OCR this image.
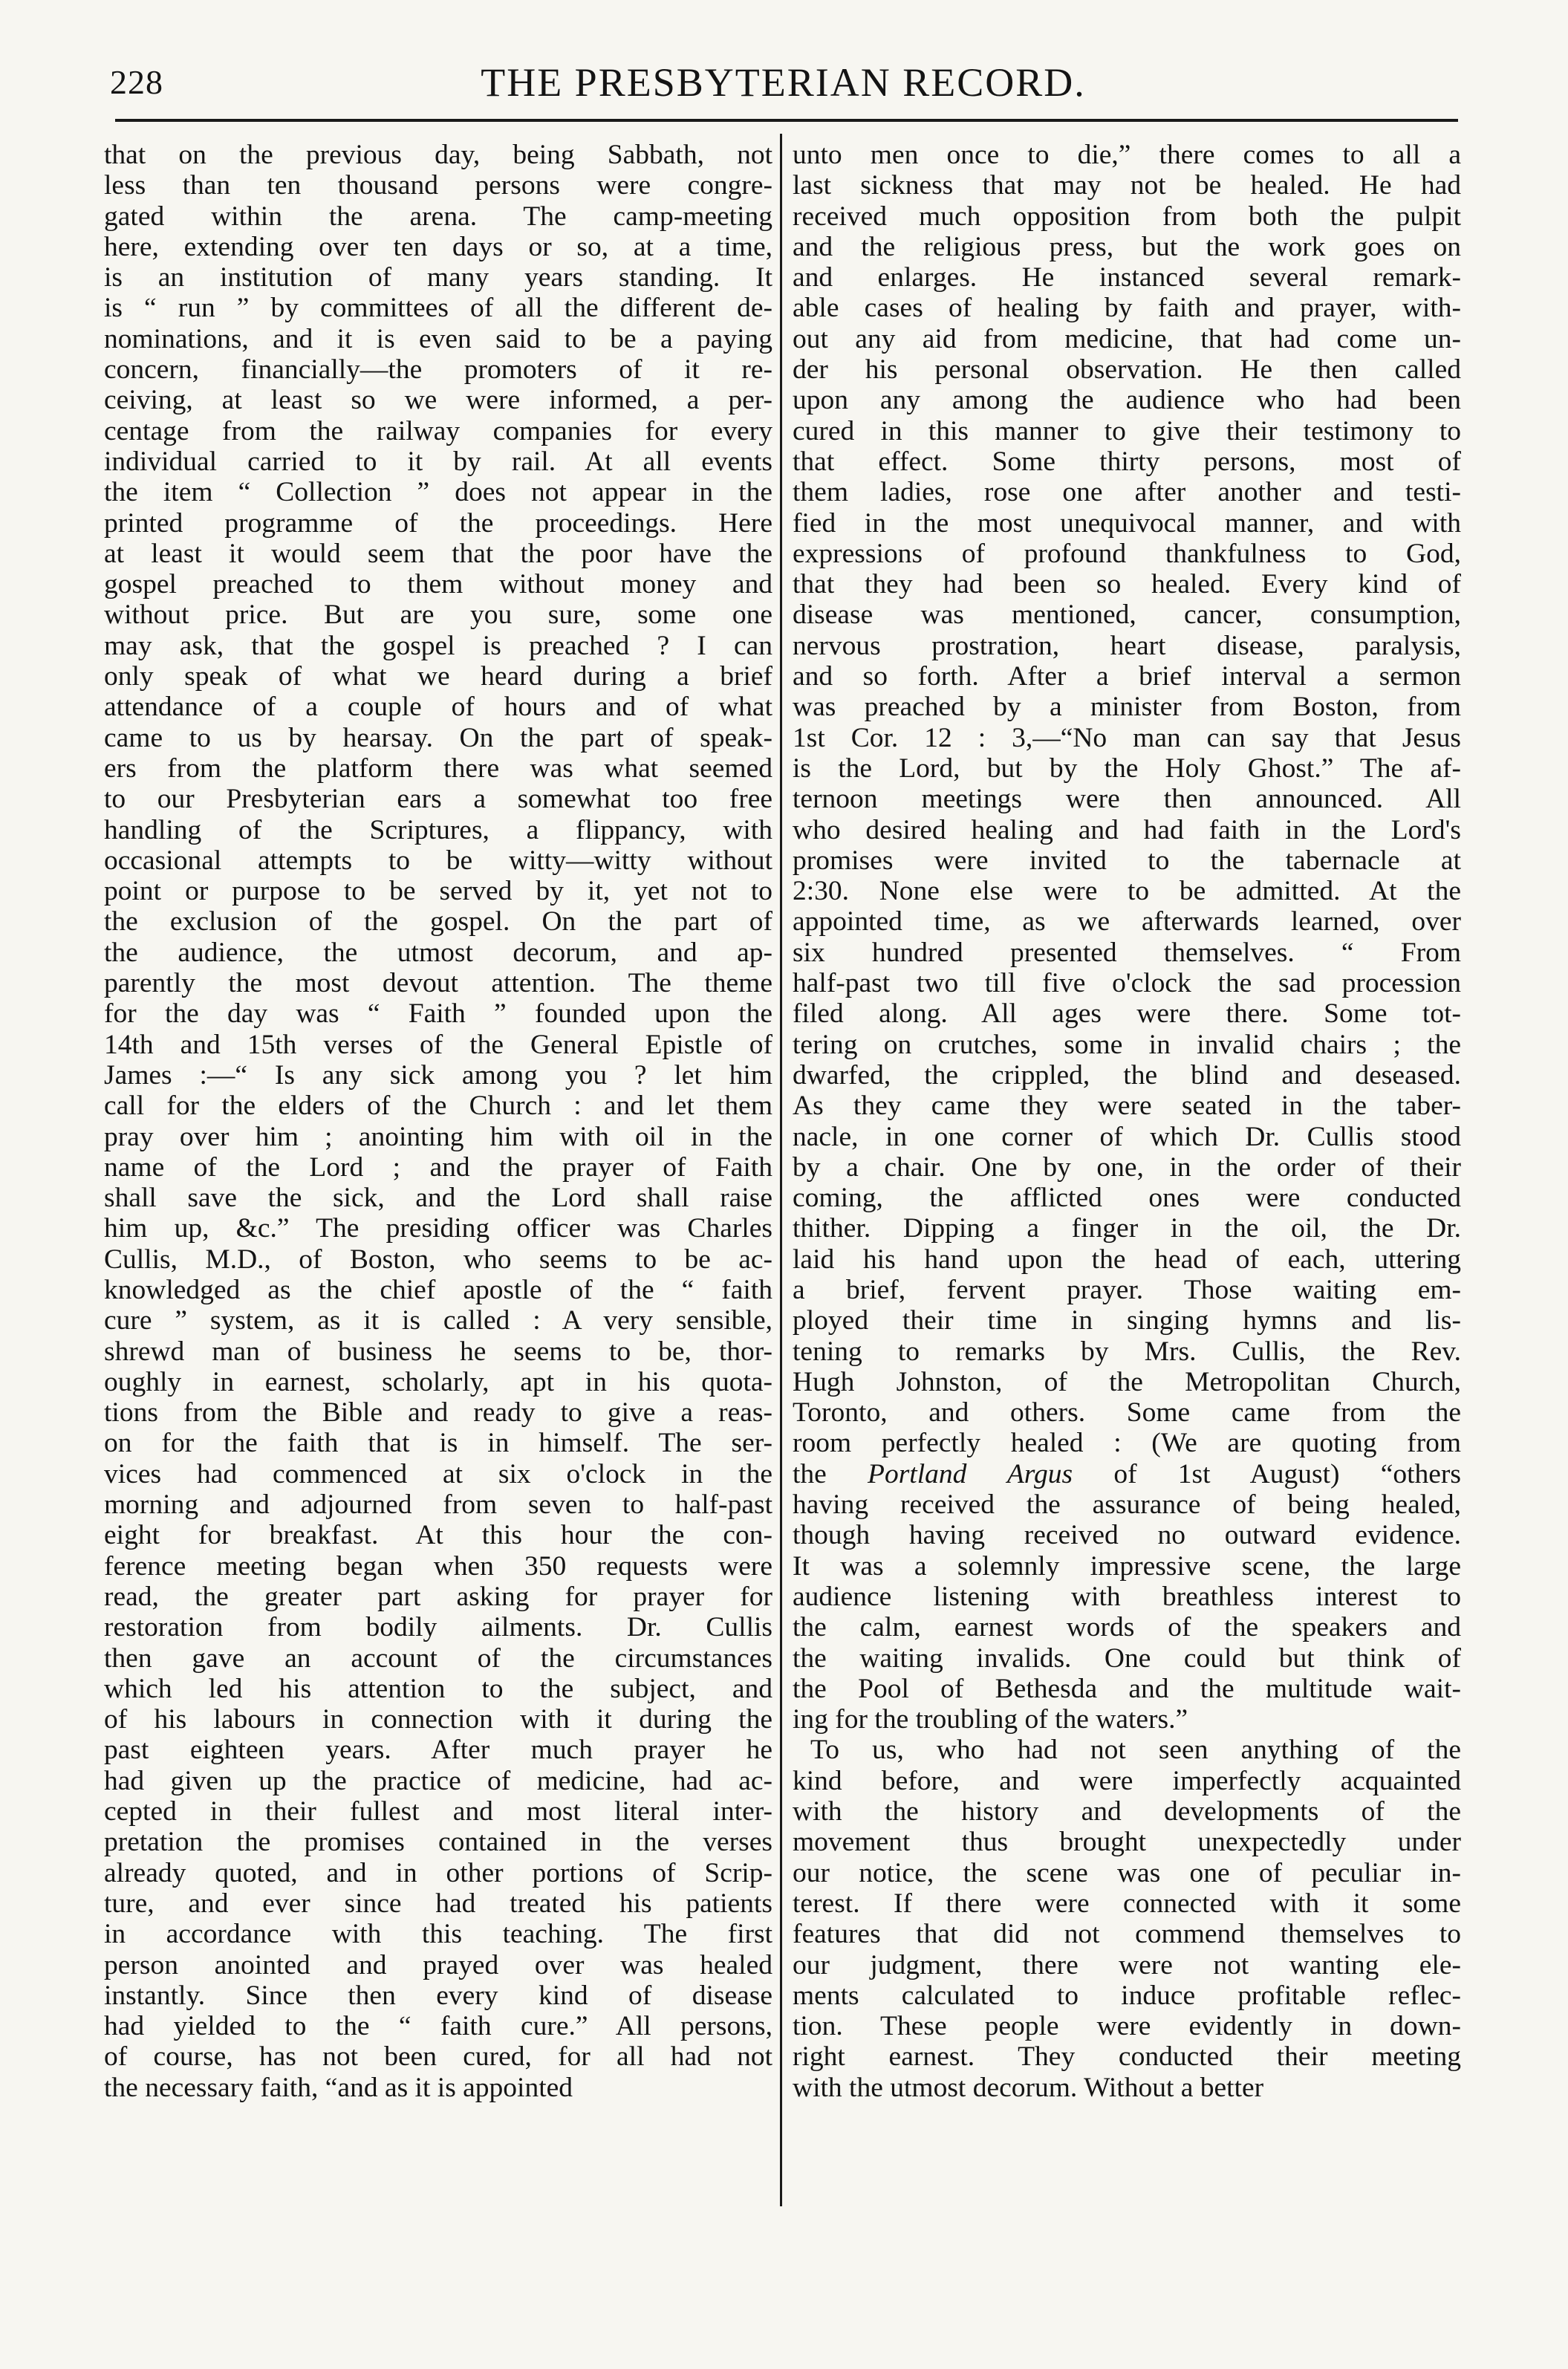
228	THE PRESBYTERIAN RECORD.
that on the previous day, being Sabbath, not
less than ten thousand persons were congre-
gated within the arena. The camp-meeting
here, extending over ten days or so, at a time,
is an institution of many years standing. It
is “ run ” by committees of all the different de-
nominations, and it is even said to be a paying
concern, financially—the promoters of it re-
ceiving, at least so we were informed, a per-
centage from the railway companies for every
individual carried to it by rail. At all events
the item “ Collection ” does not appear in the
printed programme of the proceedings. Here
at least it would seem that the poor have the
gospel preached to them without money and
without price. But are you sure, some one
may ask, that the gospel is preached ? I can
only speak of what we heard during a brief
attendance of a couple of hours and of what
came to us by hearsay. On the part of speak-
ers from the platform there was what seemed
to our Presbyterian ears a somewhat too free
handling of the Scriptures, a flippancy, with
occasional attempts to be witty—witty without
point or purpose to be served by it, yet not to
the exclusion of the gospel. On the part of
the audience, the utmost decorum, and ap-
parently the most devout attention. The theme
for the day was “ Faith ” founded upon the
14th and 15th verses of the General Epistle of
James :—“ Is any sick among you ? let him
call for the elders of the Church : and let them
pray over him ; anointing him with oil in the
name of the Lord ; and the prayer of Faith
shall save the sick, and the Lord shall raise
him up, &c.” The presiding officer was Charles
Cullis, M.D., of Boston, who seems to be ac-
knowledged as the chief apostle of the “ faith
cure ” system, as it is called : A very sensible,
shrewd man of business he seems to be, thor-
oughly in earnest, scholarly, apt in his quota-
tions from the Bible and ready to give a reas-
on for the faith that is in himself. The ser-
vices had commenced at six o'clock in the
morning and adjourned from seven to half-past
eight for breakfast. At this hour the con-
ference meeting began when 350 requests were
read, the greater part asking for prayer for
restoration from bodily ailments. Dr. Cullis
then gave an account of the circumstances
which led his attention to the subject, and
of his labours in connection with it during the
past eighteen years. After much prayer he
had given up the practice of medicine, had ac-
cepted in their fullest and most literal inter-
pretation the promises contained in the verses
already quoted, and in other portions of Scrip-
ture, and ever since had treated his patients
in accordance with this teaching. The first
person anointed and prayed over was healed
instantly. Since then every kind of disease
had yielded to the “ faith cure.” All persons,
of course, has not been cured, for all had not
the necessary faith, “and as it is appointed
unto men once to die,” there comes to all a
last sickness that may not be healed. He had
received much opposition from both the pulpit
and the religious press, but the work goes on
and enlarges. He instanced several remark-
able cases of healing by faith and prayer, with-
out any aid from medicine, that had come un-
der his personal observation. He then called
upon any among the audience who had been
cured in this manner to give their testimony to
that effect. Some thirty persons, most of
them ladies, rose one after another and testi-
fied in the most unequivocal manner, and with
expressions of profound thankfulness to God,
that they had been so healed. Every kind of
disease was mentioned, cancer, consumption,
nervous prostration, heart disease, paralysis,
and so forth. After a brief interval a sermon
was preached by a minister from Boston, from
1st Cor. 12 : 3,—“No man can say that Jesus
is the Lord, but by the Holy Ghost.” The af-
ternoon meetings were then announced. All
who desired healing and had faith in the Lord's
promises were invited to the tabernacle at
2:30. None else were to be admitted. At the
appointed time, as we afterwards learned, over
six hundred presented themselves. “ From
half-past two till five o'clock the sad procession
filed along. All ages were there. Some tot-
tering on crutches, some in invalid chairs ; the
dwarfed, the crippled, the blind and deseased.
As they came they were seated in the taber-
nacle, in one corner of which Dr. Cullis stood
by a chair. One by one, in the order of their
coming, the afflicted ones were conducted
thither. Dipping a finger in the oil, the Dr.
laid his hand upon the head of each, uttering
a brief, fervent prayer. Those waiting em-
ployed their time in singing hymns and lis-
tening to remarks by Mrs. Cullis, the Rev.
Hugh Johnston, of the Metropolitan Church,
Toronto, and others. Some came from the
room perfectly healed : (We are quoting from
the Portland Argus of 1st August) “others
having received the assurance of being healed,
though having received no outward evidence.
It was a solemnly impressive scene, the large
audience listening with breathless interest to
the calm, earnest words of the speakers and
the waiting invalids. One could but think of
the Pool of Bethesda and the multitude wait-
ing for the troubling of the waters.”
To us, who had not seen anything of the
kind before, and were imperfectly acquainted
with the history and developments of the
movement thus brought unexpectedly under
our notice, the scene was one of peculiar in-
terest. If there were connected with it some
features that did not commend themselves to
our judgment, there were not wanting ele-
ments calculated to induce profitable reflec-
tion. These people were evidently in down-
right earnest. They conducted their meeting
with the utmost decorum. Without a better
